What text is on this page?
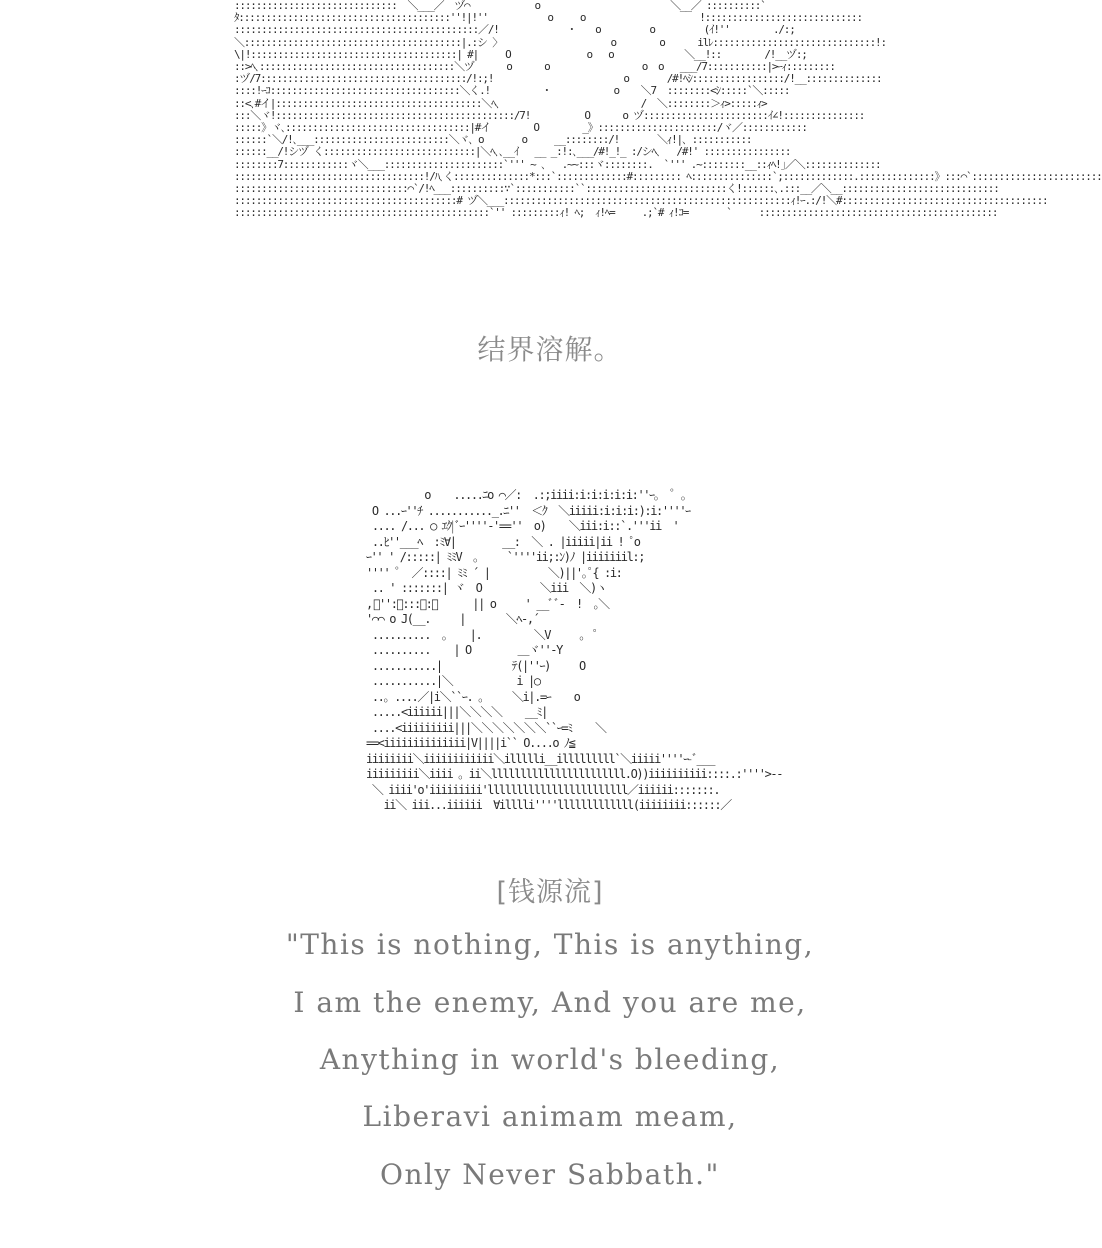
::::::::::::::::::::::::::::::  ＼___／  ヅ⌒            o                        ＼__／ ::::::::::`
ﾀ:::::::::::::::::::::::::::::::::::::::''!|!''           o     o                     !:::::::::::::::::::::::::::::
:::::::::::::::::::::::::::::::::::::::::::::／/!             ･    o         o         (ｲ!''        ./:;
＼::::::::::::::::::::::::::::::::::::::::|.:シ 〉                    o        o      ilﾚ::::::::::::::::::::::::::::::!:
\|!::::::::::::::::::::::::::::::::::::::| #|     O              o   o             ＼__!::        /!__ヅ:;
::>ﾍ､::::::::::::::::::::::::::::::::::::＼ヅ      o      o                 o  o   ___/7:::::::::::|>ｰｨ:::::::::
:ヅ/7::::::::::::::::::::::::::::::::::::::/!:;!                        o       /#!ﾍｼ:::::::::::::::::/!__::::::::::::::
::::!ｰｺ:::::::::::::::::::::::::::::::::::＼く.!          ･            o    ＼7  ::::::::<ｼ:::::`＼:::::
::<､#イ|::::::::::::::::::::::::::::::::::::::＼ﾍ､                          /  ＼::::::::＞ｨ>:::::ｨ>
:::＼ヾ!::::::::::::::::::::::::::::::::::::::::::::/7!          O      o ヅ:::::::::::::::::::::::ｲ∠!:::::::::::::::
:::::》ヾ､::::::::::::::::::::::::::::::::::|#イ        O        _》::::::::::::::::::::::/ヾ／::::::::::::
::::::`＼/!､___:::::::::::::::::::::::::＼ヾ､ o       o     __::::::::/!       ＼ｨ!|､ :::::::::::
::::::__/!シヅ く::::::::::::::::::::::::::::|＼ﾍ､､__ｲ   __ _:!:､___/#!_!_ :/シﾍ､   /#!' ::::::::::::::::
::::::::7::::::::::::ヾ＼___::::::::::::::::::::::`''' ~ ､   .~~:::ヾ::::::::.  `''' .~::::::::__::ｨﾍ!｣／＼::::::::::::::
:::::::::::::::::::::::::::::::::::!/ﾊ､く::::::::::::::*:::`:::::::::::::#::::::::: ﾍ:::::::::::::::`;:::::::::::::.::::::::::::::》:::⌒`::::::::::::::::::::::::
::::::::::::::::::::::::::::::::⌒`/!ﾍ___::::::::::∵`:::::::::::``::::::::::::::::::::::::::く!::::::､.:::__／＼__:::::::::::::::::::::::::::::
:::::::::::::::::::::::::::::::::::::::::# ヅ＼___:::::::::::::::::::::::::::::::::::::::::::::::::::::ｨ!ｰ.:/!＼#::::::::::::::::::::::::::::::::::::::
:::::::::::::::::::::::::::::::::::::::::::::::`'' :::::::::ｨ! ﾍ;  ｨ!ﾍ=     .;`# ｨ!ｺ=       `     ::::::::::::::::::::::::::::::::::::::::::::
结界溶解。
o    .....ﾆo ⌒／:  .:;iiii:i:i:i:i:i:''ｰ。 ゜。
O ...ｰ''ﾁ ..........._.ﾆ''  ＜ｸ  ＼iiiii:i:i:i:):i:''''ｰ
.... /... ○ ｴｸ|ﾞｰ''''-'==''  o)    ＼iii:i::`.'''ii  '
..ﾋ''___ﾍ  :ﾐ∀|        __:  ＼ . |iiiii|ii ! ﾟo
ｰ'' ' /:::::| ﾐﾐV  ｡     `''''ii;:ﾝ)ﾉ |iiiiiiil:;
'''' ゜ ／::::| ﾐﾐ ´ |          ＼)||'｡ﾟ{ :i:
.. ' :::::::| ヾ  O          ＼iii  ＼)ヽ
,ﾞ'':＼:::＼:＼      || o     ' __ﾞﾞ-  !  ｡＼
'⌒⌒ o J(__.     |       ＼ﾍ-,´
..........  ｡    |.         ＼V     ｡  ﾟ
..........    | O        ＿ヾ''-Y
...........|            ﾃ(|''ｰ)     O
...........|＼           i |○
..。....／|i＼``ｰ. ｡     ＼i|.=ｰ    o
.....<iiiiii|||＼＼＼＼    __ﾐ|
....<iiiiiiiii|||＼＼＼＼＼＼＼``ｰ=ﾐ    ＼
==<iiiiiiiiiiiiii|V||||i`` O....o ﾉ≦
iiiiiiii＼iiiiiiiiiiii＼illllli__illlllllll`＼iiiii''''ｰ-ﾞ___
iiiiiiiii＼iiii ｡ ii＼lllllllllllllllllllllll.O))iiiiiiiiii::::.:''''>--
＼ iiii'o'iiiiiiiii'llllllllllllllllllllllll／iiiiii:::::::.
ii＼ iii...iiiiii  ∀illlli''''lllllllllllll(iiiiiiii::::::／
[钱源流]
"This is nothing, This is anything,
I am the enemy, And you are me,
Anything in world's bleeding,
Liberavi animam meam,
Only Never Sabbath."
